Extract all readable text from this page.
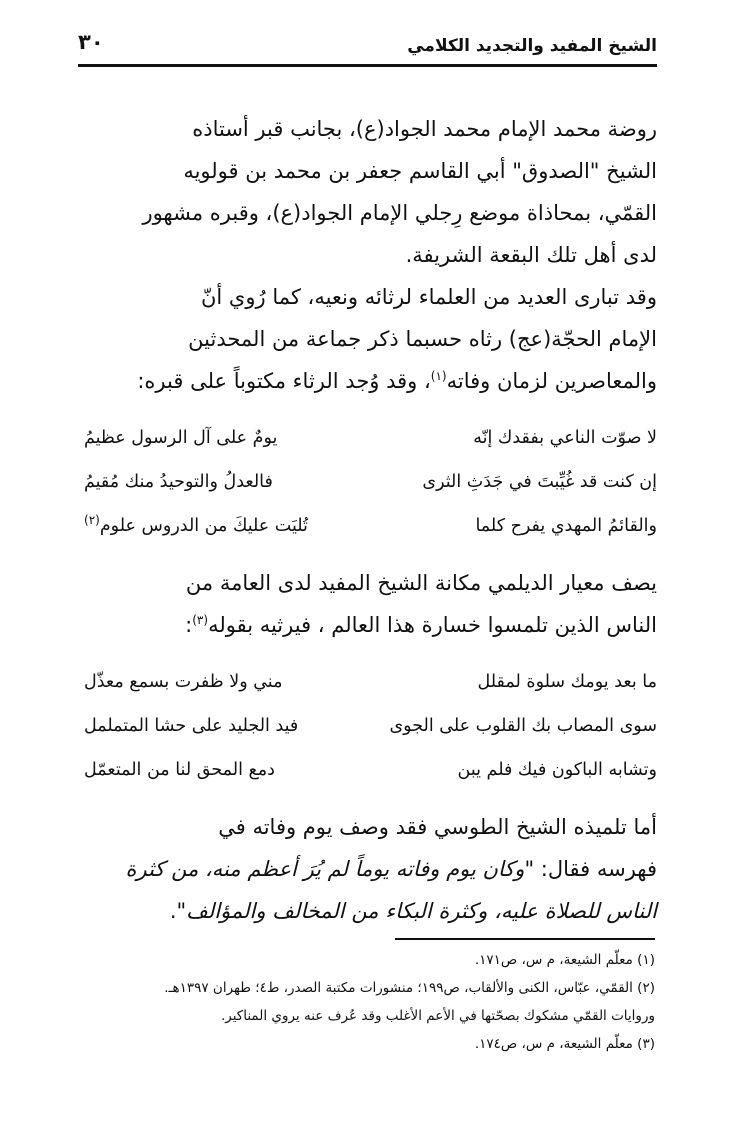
الشيخ المفيد والتجديد الكلامي
٣٠

روضة محمد الإمام محمد الجواد(ع)، بجانب قبر أستاذه
الشيخ "الصدوق" أبي القاسم جعفر بن محمد بن قولويه
القمّي، بمحاذاة موضع رِجلي الإمام الجواد(ع)، وقبره مشهور
لدى أهل تلك البقعة الشريفة.

وقد تبارى العديد من العلماء لرثائه ونعيه، كما رُوي أنّ
الإمام الحجّة(عج) رثاه حسبما ذكر جماعة من المحدثين
والمعاصرين لزمان وفاته$^{(١)}$، وقد وُجد الرثاء مكتوباً على قبره:

لا صوّت الناعي بفقدك إنّه
يومٌ على آل الرسول عظيمُ
إن كنت قد غُيِّبتَ في جَدَثِ الثرى
فالعدلُ والتوحيدُ منك مُقيمُ
والقائمُ المهدي يفرح كلما
تُليَت عليكَ من الدروس علوم$^{(٢)}$

يصف معيار الديلمي مكانة الشيخ المفيد لدى العامة من
الناس الذين تلمسوا خسارة هذا العالم ، فيرثيه بقوله$^{(٣)}$:

ما بعد يومك سلوة لمقلل
مني ولا ظفرت بسمع معذّل
سوى المصاب بك القلوب على الجوى
فيد الجليد على حشا المتململ
وتشابه الباكون فيك فلم يبن
دمع المحق لنا من المتعمّل

أما تلميذه الشيخ الطوسي فقد وصف يوم وفاته في
فهرسه فقال: "وكان يوم وفاته يوماً لم يُرَ أعظم منه، من كثرة
الناس للصلاة عليه، وكثرة البكاء من المخالف والمؤالف".

(١) معلّم الشيعة، م س، ص١٧١.
(٢) القمّي، عبّاس، الكنى والألقاب، ص١٩٩؛ منشورات مكتبة الصدر، ط٤؛ طهران ١٣٩٧هـ.
وروايات القمّي مشكوك بصحّتها في الأعم الأغلب وقد عُرف عنه يروي المناكير.
(٣) معلّم الشيعة، م س، ص١٧٤.
